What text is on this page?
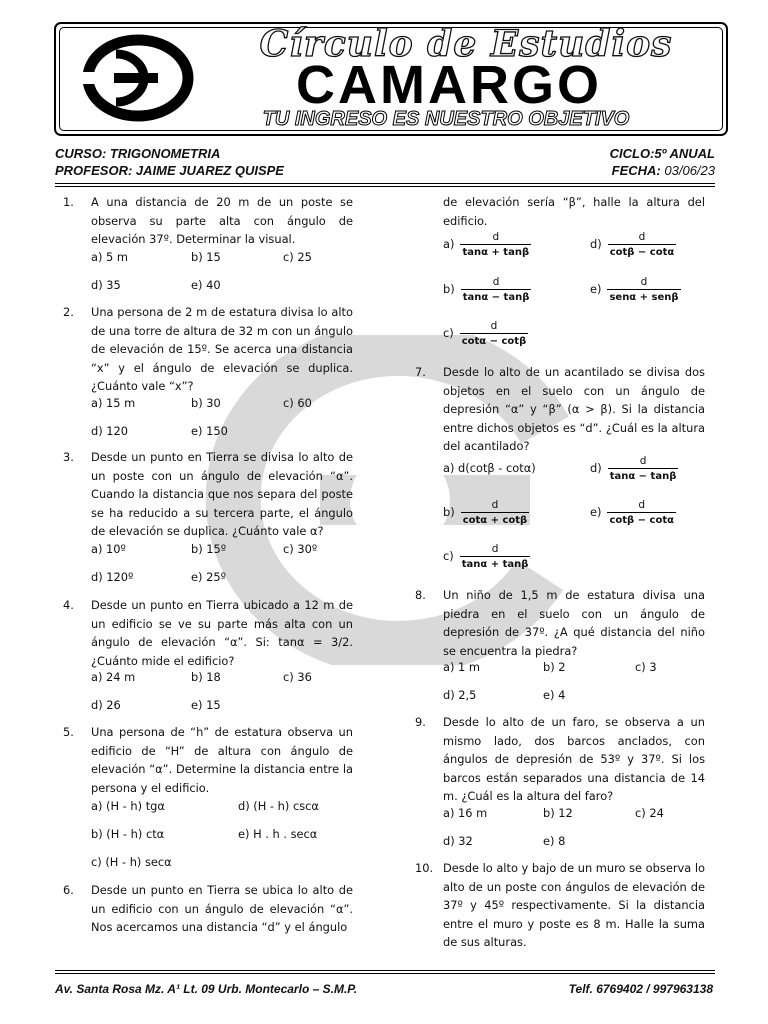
Círculo de Estudios
CAMARGO
TU INGRESO ES NUESTRO OBJETIVO
CURSO: TRIGONOMETRIA	CICLO:5º ANUAL
PROFESOR: JAIME JUAREZ QUISPE	FECHA: 03/06/23
1. A una distancia de 20 m de un poste se observa su parte alta con ángulo de elevación 37º. Determinar la visual.
a) 5 m	b) 15	c) 25
d) 35	e) 40
2. Una persona de 2 m de estatura divisa lo alto de una torre de altura de 32 m con un ángulo de elevación de 15º. Se acerca una distancia “x” y el ángulo de elevación se duplica. ¿Cuánto vale “x”?
a) 15 m	b) 30	c) 60
d) 120	e) 150
3. Desde un punto en Tierra se divisa lo alto de un poste con un ángulo de elevación “α”. Cuando la distancia que nos separa del poste se ha reducido a su tercera parte, el ángulo de elevación se duplica. ¿Cuánto vale α?
a) 10º	b) 15º	c) 30º
d) 120º	e) 25º
4. Desde un punto en Tierra ubicado a 12 m de un edificio se ve su parte más alta con un ángulo de elevación “α”. Si: tanα = 3/2. ¿Cuánto mide el edificio?
a) 24 m	b) 18	c) 36
d) 26	e) 15
5. Una persona de “h” de estatura observa un edificio de “H” de altura con ángulo de elevación “α”. Determine la distancia entre la persona y el edificio.
a) (H - h) tgα	d) (H - h) cscα
b) (H - h) ctα	e) H . h . secα
c) (H - h) secα
6. Desde un punto en Tierra se ubica lo alto de un edificio con un ángulo de elevación “α”. Nos acercamos una distancia “d” y el ángulo
de elevación sería “β”, halle la altura del edificio.
$a) \frac{d}{\tan\alpha + \tan\beta}$	$d) \frac{d}{\cot\beta - \cot\alpha}$
$b) \frac{d}{\tan\alpha - \tan\beta}$	$e) \frac{d}{\text{senα + senβ}}$
$c) \frac{d}{\cot\alpha - \cot\beta}$
7. Desde lo alto de un acantilado se divisa dos objetos en el suelo con un ángulo de depresión “α” y “β” (α > β). Si la distancia entre dichos objetos es “d”. ¿Cuál es la altura del acantilado?
a) d(cotβ - cotα)	$d) \frac{d}{\tan\alpha - \tan\beta}$
$b) \frac{d}{\cot\alpha + \cot\beta}$	$e) \frac{d}{\cot\beta - \cot\alpha}$
$c) \frac{d}{\tan\alpha + \tan\beta}$
8. Un niño de 1,5 m de estatura divisa una piedra en el suelo con un ángulo de depresión de 37º. ¿A qué distancia del niño se encuentra la piedra?
a) 1 m	b) 2	c) 3
d) 2,5	e) 4
9. Desde lo alto de un faro, se observa a un mismo lado, dos barcos anclados, con ángulos de depresión de 53º y 37º. Si los barcos están separados una distancia de 14 m. ¿Cuál es la altura del faro?
a) 16 m	b) 12	c) 24
d) 32	e) 8
10. Desde lo alto y bajo de un muro se observa lo alto de un poste con ángulos de elevación de 37º y 45º respectivamente. Si la distancia entre el muro y poste es 8 m. Halle la suma de sus alturas.
Av. Santa Rosa Mz. A¹ Lt. 09 Urb. Montecarlo – S.M.P.	Telf. 6769402 / 997963138
